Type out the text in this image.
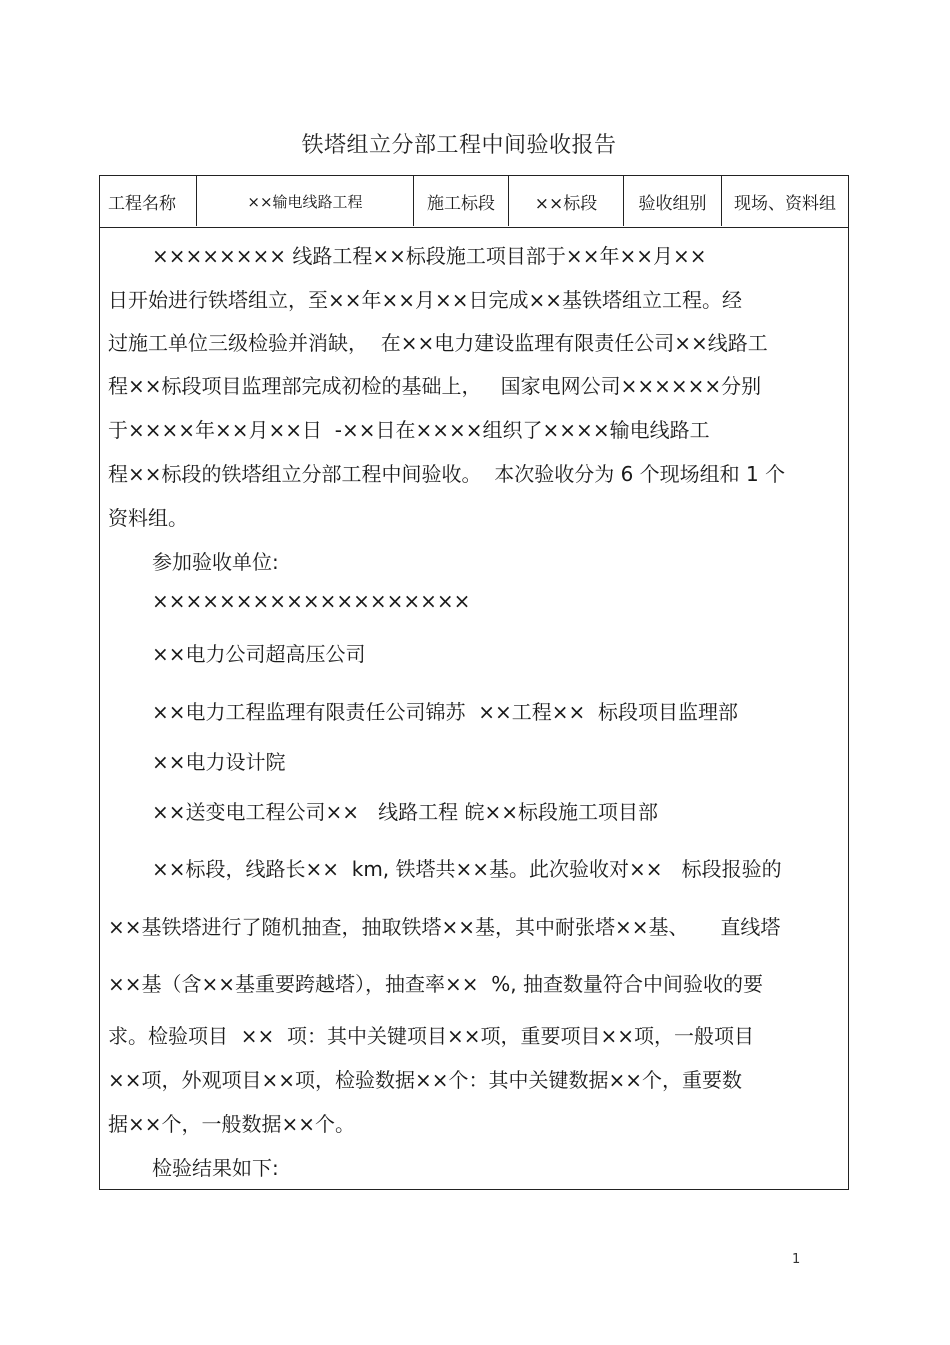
铁塔组立分部工程中间验收报告
工程名称	××输电线路工程	施工标段	××标段	验收组别	现场、资料组
×××××××× 线路工程××标段施工项目部于××年××月××
日开始进行铁塔组立，至××年××月××日完成××基铁塔组立工程。经
过施工单位三级检验并消缺，  在××电力建设监理有限责任公司××线路工
程××标段项目监理部完成初检的基础上，   国家电网公司××××××分别
于××××年××月××日  -××日在××××组织了××××输电线路工
程××标段的铁塔组立分部工程中间验收。  本次验收分为 6 个现场组和 1 个
资料组。
参加验收单位:
×××××××××××××××××××
××电力公司超高压公司
××电力工程监理有限责任公司锦苏  ××工程××  标段项目监理部
××电力设计院
××送变电工程公司××   线路工程 皖××标段施工项目部
××标段，线路长××  km, 铁塔共××基。此次验收对××   标段报验的
××基铁塔进行了随机抽查，抽取铁塔××基，其中耐张塔××基、     直线塔
××基（含××基重要跨越塔），抽查率××  %, 抽查数量符合中间验收的要
求。检验项目  ××  项：其中关键项目××项，重要项目××项，一般项目
××项，外观项目××项，检验数据××个：其中关键数据××个，重要数
据××个，一般数据××个。
检验结果如下:
1
